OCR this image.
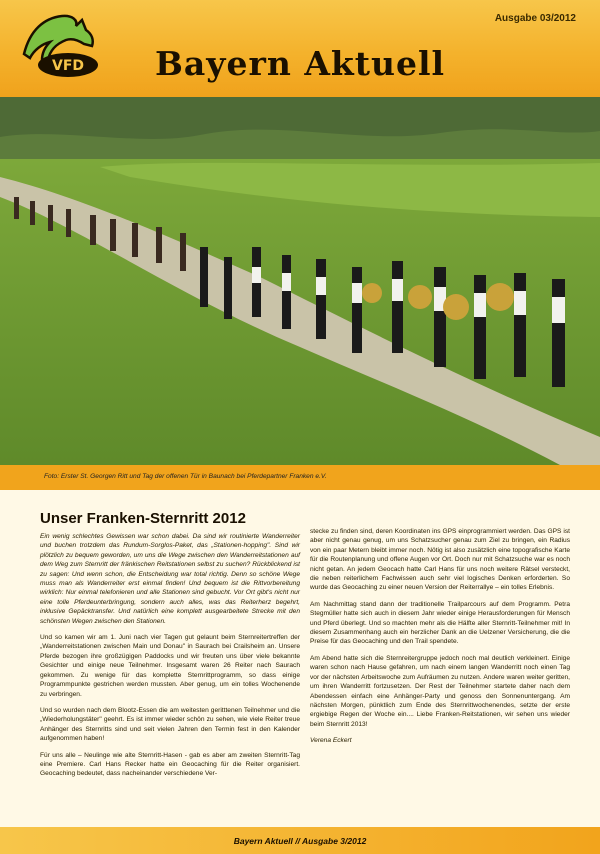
VFD
Ausgabe 03/2012
Bayern Aktuell
Foto: Erster St. Georgen Ritt und Tag der offenen Tür in Baunach bei Pferdepartner Franken e.V.
Unser Franken-Sternritt 2012

Ein wenig schlechtes Gewissen war schon dabei. Da sind wir routinierte Wanderreiter und buchen trotzdem das Rundum-Sorglos-Paket, das „Stationen-hopping". Sind wir plötzlich zu bequem geworden, um uns die Wege zwischen den Wanderreitstationen auf dem Weg zum Sternritt der fränkischen Reitstationen selbst zu suchen? Rückblickend ist zu sagen: Und wenn schon, die Entscheidung war total richtig. Denn so schöne Wege muss man als Wanderreiter erst einmal finden! Und bequem ist die Rittvorbereitung wirklich: Nur einmal telefonieren und alle Stationen sind gebucht. Vor Ort gibt's nicht nur eine tolle Pferdeunterbringung, sondern auch alles, was das Reiterherz begehrt, inklusive Gepäcktransfer. Und natürlich eine komplett ausgearbeitete Strecke mit den schönsten Wegen zwischen den Stationen.

Und so kamen wir am 1. Juni nach vier Tagen gut gelaunt beim Sternreitertreffen der „Wanderreitstationen zwischen Main und Donau" in Saurach bei Crailsheim an. Unsere Pferde bezogen ihre großzügigen Paddocks und wir freuten uns über viele bekannte Gesichter und einige neue Teilnehmer. Insgesamt waren 26 Reiter nach Saurach gekommen. Zu wenige für das komplette Sternrittprogramm, so dass einige Programmpunkte gestrichen werden mussten. Aber genug, um ein tolles Wochenende zu verbringen.

Und so wurden nach dem Blootz-Essen die am weitesten geritttenen Teilnehmer und die „Wiederholungstäter" geehrt. Es ist immer wieder schön zu sehen, wie viele Reiter treue Anhänger des Sternritts sind und seit vielen Jahren den Termin fest in den Kalender aufgenommen haben!

Für uns alle – Neulinge wie alte Sternritt-Hasen - gab es aber am zweiten Sternritt-Tag eine Premiere. Carl Hans Recker hatte ein Geocaching für die Reiter organisiert. Geocaching bedeutet, dass nacheinander verschiedene Ver-

stecke zu finden sind, deren Koordinaten ins GPS einprogrammiert werden. Das GPS ist aber nicht genau genug, um uns Schatzsucher genau zum Ziel zu bringen, ein Radius von ein paar Metern bleibt immer noch. Nötig ist also zusätzlich eine topografische Karte für die Routenplanung und offene Augen vor Ort. Doch nur mit Schatzsuche war es noch nicht getan. An jedem Geocach hatte Carl Hans für uns noch weitere Rätsel versteckt, die neben reiterlichem Fachwissen auch sehr viel logisches Denken erforderten. So wurde das Geocaching zu einer neuen Version der Reiterrallye – ein tolles Erlebnis.

Am Nachmittag stand dann der traditionelle Trailparcours auf dem Programm. Petra Stegmüller hatte sich auch in diesem Jahr wieder einige Herausforderungen für Mensch und Pferd überlegt. Und so machten mehr als die Hälfte aller Sternritt-Teilnehmer mit! In diesem Zusammenhang auch ein herzlicher Dank an die Uelzener Versicherung, die die Preise für das Geocaching und den Trail spendete.

Am Abend hatte sich die Sternreitergruppe jedoch noch mal deutlich verkleinert. Einige waren schon nach Hause gefahren, um nach einem langen Wanderritt noch einen Tag vor der nächsten Arbeitswoche zum Aufräumen zu nutzen. Andere waren weiter geritten, um ihren Wanderritt fortzusetzen. Der Rest der Teilnehmer startete daher nach dem Abendessen einfach eine Anhänger-Party und genoss den Sonnenuntergang. Am nächsten Morgen, pünktlich zum Ende des Sternrittwochenendes, setzte der erste ergiebige Regen der Woche ein.... Liebe Franken-Reitstationen, wir sehen uns wieder beim Sternritt 2013!

Verena Eckert

Bayern Aktuell // Ausgabe 3/2012
